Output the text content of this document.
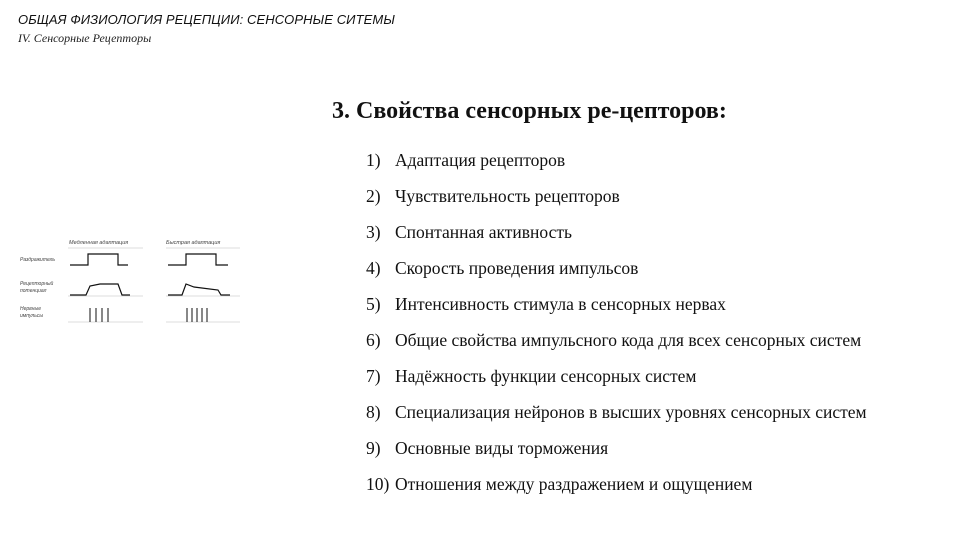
ОБЩАЯ ФИЗИОЛОГИЯ РЕЦЕПЦИИ: СЕНСОРНЫЕ СИТЕМЫ
IV. Сенсорные Рецепторы
3. Свойства сенсорных ре-цепторов:
1) Адаптация рецепторов
2) Чувствительность рецепторов
3) Спонтанная активность
4) Скорость проведения импульсов
5) Интенсивность стимула в сенсорных нервах
6) Общие свойства импульсного кода для всех сенсорных систем
7) Надёжность функции сенсорных систем
8) Специализация нейронов в высших уровнях сенсорных систем
9) Основные виды торможения
10) Отношения между раздражением и ощущением
Медленная адаптация	Быстрая адаптация
Раздражитель
Рецепторный
потенциал
Нервные
импульсы
